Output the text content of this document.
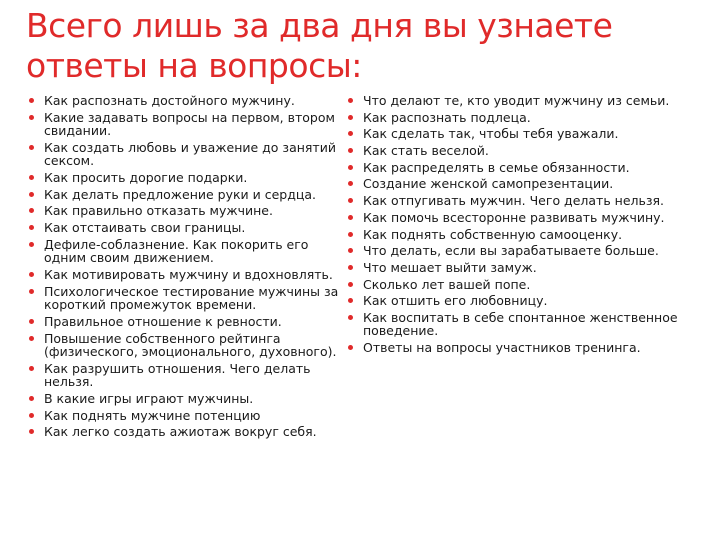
Всего лишь за два дня вы узнаете ответы на вопросы:
Как распознать достойного мужчину.
Какие задавать вопросы на первом, втором свидании.
Как создать любовь и уважение до занятий сексом.
Как просить дорогие подарки.
Как делать предложение руки и сердца.
Как правильно отказать мужчине.
Как отстаивать свои границы.
Дефиле-соблазнение. Как покорить его одним своим движением.
Как мотивировать мужчину и вдохновлять.
Психологическое тестирование мужчины за короткий промежуток времени.
Правильное отношение к ревности.
Повышение собственного рейтинга (физического, эмоционального, духовного).
Как разрушить отношения. Чего делать нельзя.
В какие игры играют мужчины.
Как поднять мужчине потенцию
Как легко создать ажиотаж вокруг себя.
Что делают те, кто уводит мужчину из семьи.
Как распознать подлеца.
Как сделать так, чтобы тебя уважали.
Как стать веселой.
Как распределять в семье обязанности.
Создание женской самопрезентации.
Как отпугивать мужчин. Чего делать нельзя.
Как помочь всесторонне развивать мужчину.
Как поднять собственную самооценку.
Что делать, если вы зарабатываете больше.
Что мешает выйти замуж.
Сколько лет вашей попе.
Как отшить его любовницу.
Как воспитать в себе спонтанное женственное поведение.
Ответы на вопросы участников тренинга.
